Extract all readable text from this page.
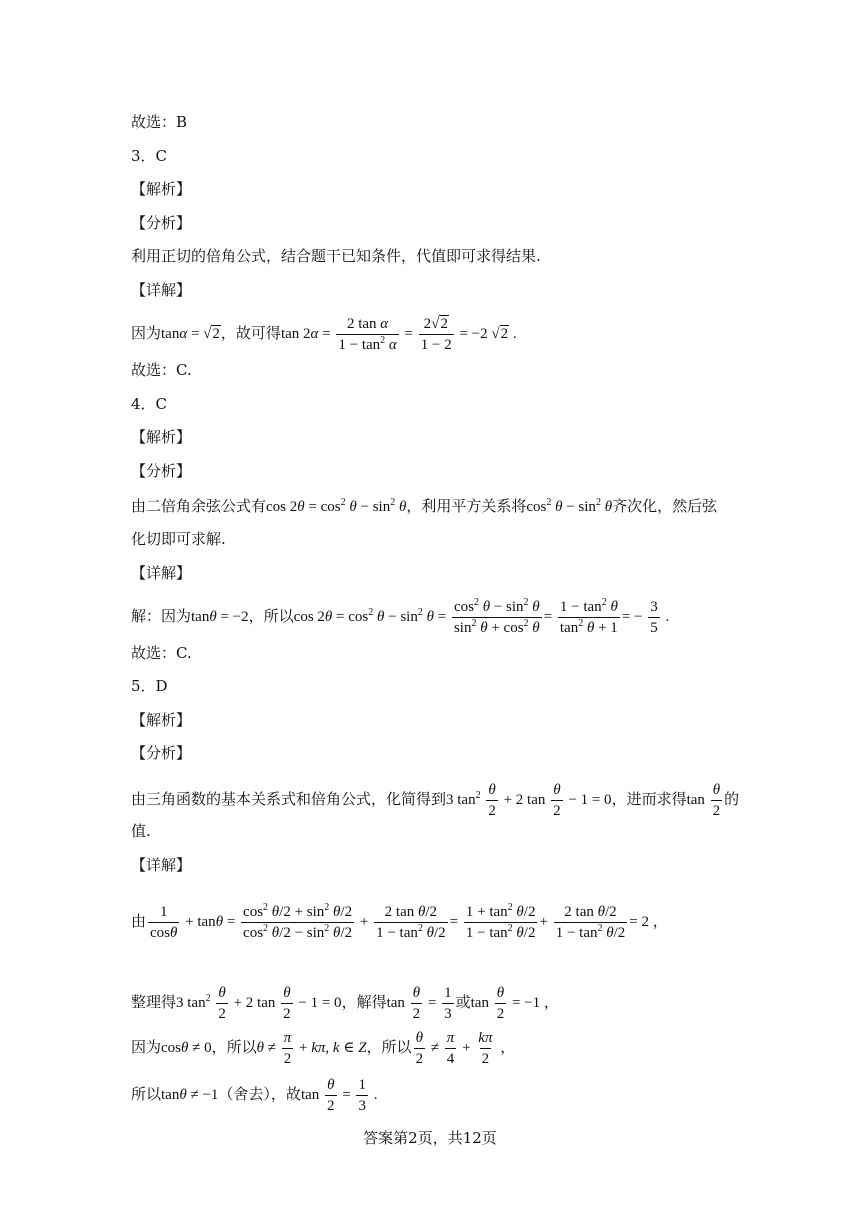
故选：B
3．C
【解析】
【分析】
利用正切的倍角公式，结合题干已知条件，代值即可求得结果.
【详解】
因为tanα = √2，故可得$\tan 2\alpha = \frac{\text{2 tan α}}{1 - \tan^2 \alpha} = \frac{2√2}{1 - 2} = -2$ √2 .
故选：C.
4．C
【解析】
【分析】
由二倍角余弦公式有$\cos 2\theta = \cos^2 \theta - \sin^2 \theta$，利用平方关系将$\cos^2 \theta - \sin^2 \theta$齐次化，然后弦
化切即可求解.
【详解】
解：因为tanθ = −2，所以$\cos 2\theta = \cos^2 \theta - \sin^2 \theta = \frac{\cos^2 \theta - \sin^2 \theta}{\sin^2 \theta + \cos^2 \theta} = \frac{1 - \tan^2 \theta}{\tan^2 \theta + 1}$ = − $\frac{3}{5}$ .
故选：C.
5．D
【解析】
【分析】
由三角函数的基本关系式和倍角公式，化简得到3 $\tan^2 \frac{\theta}{2} + 2$ $\tan \frac{\theta}{2} - 1 = 0$，进而求得$\tan \frac{\theta}{2}$ 的
值.
【详解】
由 $\frac{1}{\cos\theta} + \tan\theta = \frac{\cos^2 \theta/2 + \sin^2 \theta/2}{\cos^2 \theta/2 - \sin^2 \theta/2} + \frac{\text{2 tan θ/2}}{1 - \tan^2 \theta/2} = \frac{1 + \tan^2 \theta/2}{1 - \tan^2 \theta/2} + \frac{\text{2 tan θ/2}}{1 - \tan^2 \theta/2} = 2$ ，
整理得3 $\tan^2 \frac{\theta}{2} + 2$ $\tan \frac{\theta}{2} - 1 = 0$，解得$\tan \frac{\theta}{2} = \frac{1}{3}$ 或$\tan \frac{\theta}{2} = -1$ ，
因为cosθ ≠ 0，所以$\theta \ne \frac{\pi}{2} + k\pi$, k ∈ Z，所以 $\frac{\theta}{2} \ne \frac{\pi}{4} + \frac{k\pi}{2}$ ，
所以tanθ ≠ −1（舍去），故$\tan \frac{\theta}{2} = \frac{1}{3}$ .
答案第2页，共12页
